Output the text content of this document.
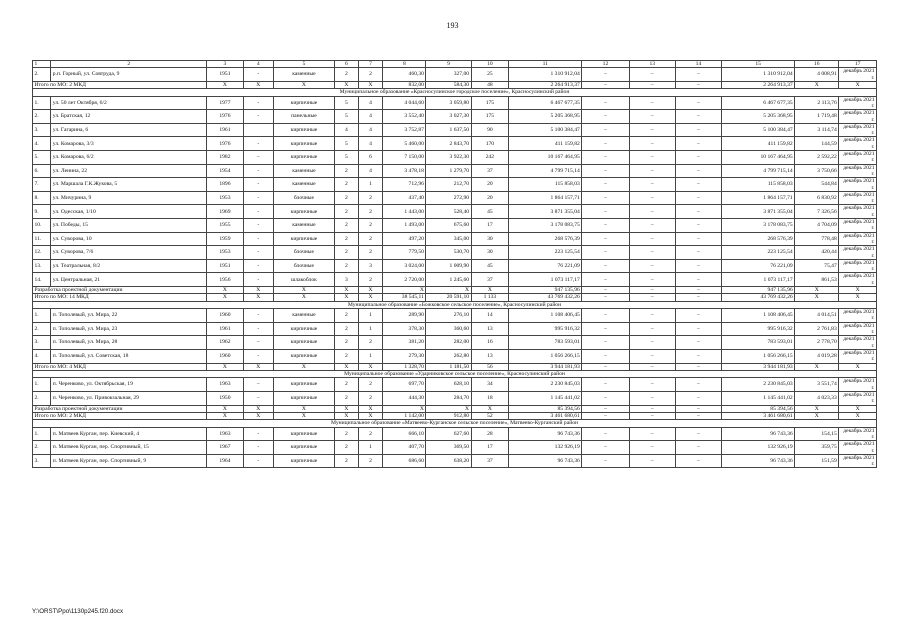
193
1	2	3	4	5	6	7	8	9	10	11	12	13	14	15	16	17
2.	р.п. Горный, ул. Совтруда, 9	1951	-	каменные	2	2	460,30	327,00	25	1 310 912,04	–	–	–	1 310 912,04	4 008,91	декабрь 2021 г.
Итого по МО: 2 МКД		X	X	X	X	X	832,00	584,30	48	2 264 913,37	–	–	–	2 264 913,37	X	X
Муниципальное образование «Красносулинское городское поселение», Красносулинский район																
1.	ул. 50 лет Октября, 6/2	1977	-	кирпичные	5	4	4 044,60	3 059,80	175	6 467 677,35	–	–	–	6 467 677,35	2 113,76	декабрь 2021 г.
2.	ул. Братская, 12	1976	-	панельные	5	4	3 552,40	3 027,30	175	5 205 368,95	–	–	–	5 205 368,95	1 719,48	декабрь 2021 г.
3.	ул. Гагарина, 6	1961		кирпичные	4	4	3 752,87	1 637,50	90	5 100 384,47	–	–	–	5 100 384,47	3 114,74	декабрь 2021 г.
4.	ул. Комарова, 3/3	1976	-	кирпичные	5	4	5 460,00	2 843,70	170	411 159,82	–	–	–	411 159,82	144,59	декабрь 2021 г.
5.	ул. Комарова, 6/2	1982	–	кирпичные	5	6	7 150,00	3 922,30	242	10 167 464,95	–	–	–	10 167 464,95	2 592,22	декабрь 2021 г.
6.	ул. Ленина, 22	1954	-	каменные	2	4	3 478,18	1 279,70	37	4 799 715,14	–	–	–	4 799 715,14	3 750,66	декабрь 2021 г.
7.	ул. Маршала Г.К.Жукова, 5	1896	-	каменные	2	1	712,96	212,70	20	115 858,03	–	–	–	115 858,03	544,84	декабрь 2021 г.
8.	ул. Мичурина, 9	1953	-	блочные	2	2	437,40	272,90	20	1 864 157,71	–	–	–	1 864 157,71	6 830,92	декабрь 2021 г.
9.	ул. Одесская, 1/10	1969	-	кирпичные	2	2	1 443,00	528,40	45	3 871 355,04	–	–	–	3 871 355,04	7 326,56	декабрь 2021 г.
10.	ул. Победы, 15	1955	-	каменные	2	2	1 493,00	675,60	17	3 178 083,75	–	–	–	3 178 083,75	4 704,09	декабрь 2021 г.
11.	ул. Суворова, 10	1959	-	кирпичные	2	2	497,20	345,00	30	268 576,39	–	–	–	268 576,39	778,48	декабрь 2021 г.
12.	ул. Суворова, 7/6	1953	-	блочные	2	2	779,50	530,70	30	223 125,54	–	–	–	223 125,54	420,44	декабрь 2021 г.
13.	ул. Театральная, 8/2	1951	-	блочные	2	3	3 024,00	1 009,90	45	76 221,09	–	–	–	76 221,09	75,47	декабрь 2021 г.
14.	ул. Центральная, 21	1956	-	шлакоблок	3	2	2 720,00	1 245,60	37	1 073 117,17	–	–	–	1 073 117,17	861,53	декабрь 2021 г.
Разработка проектной документации		X	X	X	X	X	X	X	X	947 135,96	–	–	–	947 135,96	X	X
Итого по МО: 14 МКД		X	X	X	X	X	38 545,11	20 591,10	1 133	43 769 432,26	–	–	–	43 769 432,26	X	X
Муниципальное образование «Божковское сельское поселение», Красносулинский район																
1.	п. Тополевый, ул. Мира, 22	1960	-	каменные	2	1	289,90	276,10	14	1 108 406,45	–	–	–	1 108 406,45	4 014,51	декабрь 2021 г.
2.	п. Тополевый, ул. Мира, 23	1961	-	кирпичные	2	1	378,30	360,60	13	995 916,32	–	–	–	995 916,32	2 761,83	декабрь 2021 г.
3.	п. Тополевый, ул. Мира, 28	1962	–	кирпичные	2	2	381,20	282,00	16	783 593,01	–	–	–	783 593,01	2 778,70	декабрь 2021 г.
4.	п. Тополевый, ул. Советская, 18	1960	-	кирпичные	2	1	279,30	262,80	13	1 056 266,15	–	–	–	1 056 266,15	4 019,28	декабрь 2021 г.
Итого по МО: 4 МКД		X	X	X	X	X	1 328,70	1 181,50	56	3 944 181,93	–	–	–	3 944 181,93	X	X
Муниципальное образование «Ударниковское сельское поселение», Красносулинский район																
1.	п. Черенково, ул. Октябрьская, 19	1963	–	кирпичные	2	2	697,70	628,10	34	2 230 845,03	–	–	–	2 230 845,03	3 551,74	декабрь 2021 г.
2.	п. Черенково, ул. Привокзальная, 29	1950	–	кирпичные	2	2	444,30	284,70	18	1 145 441,02	–	–	–	1 145 441,02	4 023,33	декабрь 2021 г.
Разработка проектной документации		X	X	X	X	X	X	X	X	85 394,56	–	–	–	85 394,56	X	X
Итого по МО: 2 МКД		X	X	X	X	X	1 142,00	912,80	52	3 461 680,61	–	–	–	3 461 680,61	X	X
Муниципальное образование «Матвеево-Курганское сельское поселение», Матвеево-Курганский район																
1.	п. Матвеев Курган, пер. Киевский, 4	1963	-	кирпичные	2	2	666,10	627,60	28	96 743,36	–	–	–	96 743,36	154,15	декабрь 2021 г.
2.	п. Матвеев Курган, пер. Спортивный, 15	1967	-	кирпичные	2	1	407,70	369,50	17	132 926,19	–	–	–	132 926,19	359,75	декабрь 2021 г.
3.	п. Матвеев Курган, пер. Спортивный, 9	1964	-	кирпичные	2	2	686,60	638,20	37	96 743,36	–	–	–	96 743,36	151,59	декабрь 2021 г.
Y:\ORST\Ppo\1130p245.f20.docx
